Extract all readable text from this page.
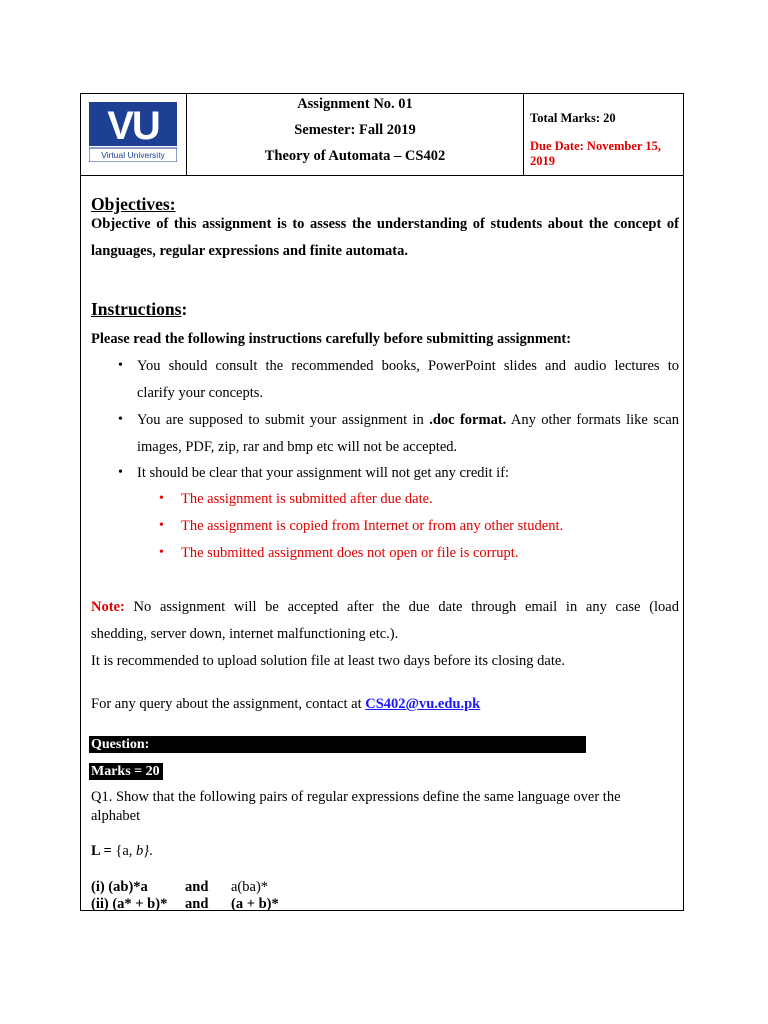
VU
Virtual University
Assignment No. 01
Semester: Fall 2019
Theory of Automata – CS402
Total Marks: 20
Due Date: November 15, 2019
Objectives:
Objective of this assignment is to assess the understanding of students about the concept of
languages, regular expressions and finite automata.
Instructions:
Please read the following instructions carefully before submitting assignment:
• You should consult the recommended books, PowerPoint slides and audio lectures to
clarify your concepts.
• You are supposed to submit your assignment in .doc format. Any other formats like scan
images, PDF, zip, rar and bmp etc will not be accepted.
• It should be clear that your assignment will not get any credit if:
• The assignment is submitted after due date.
• The assignment is copied from Internet or from any other student.
• The submitted assignment does not open or file is corrupt.
Note: No assignment will be accepted after the due date through email in any case (load
shedding, server down, internet malfunctioning etc.).
It is recommended to upload solution file at least two days before its closing date.
For any query about the assignment, contact at CS402@vu.edu.pk
Question:
Marks = 20
Q1. Show that the following pairs of regular expressions define the same language over the
alphabet
L = {a, b}.
(i) (ab)*a	and a(ba)*
(ii) (a* + b)* and (a + b)*
